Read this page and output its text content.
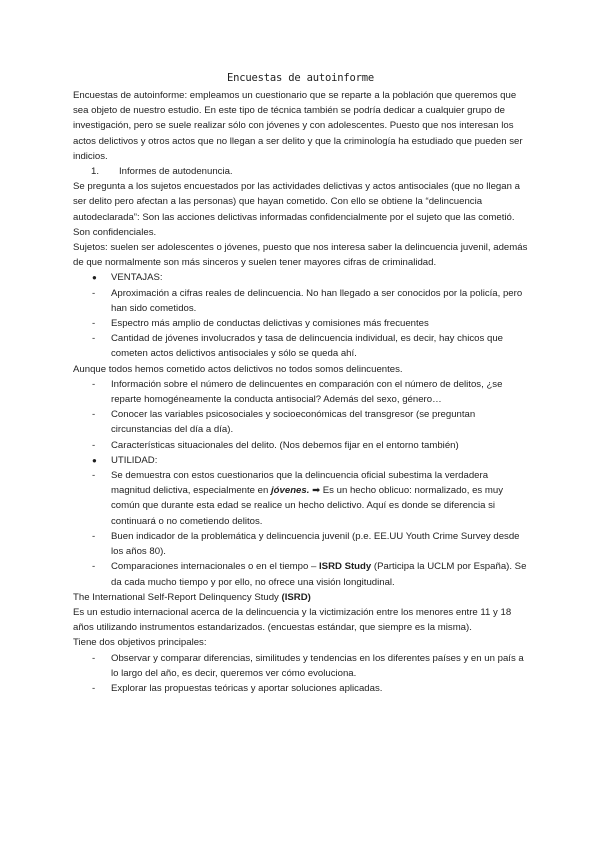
Encuestas de autoinforme

Encuestas de autoinforme: empleamos un cuestionario que se reparte a la población que queremos que sea objeto de nuestro estudio. En este tipo de técnica también se podría dedicar a cualquier grupo de investigación, pero se suele realizar sólo con jóvenes y con adolescentes. Puesto que nos interesan los actos delictivos y otros actos que no llegan a ser delito y que la criminología ha estudiado que pueden ser indicios.

1. Informes de autodenuncia.

Se pregunta a los sujetos encuestados por las actividades delictivas y actos antisociales (que no llegan a ser delito pero afectan a las personas) que hayan cometido. Con ello se obtiene la “delincuencia autodeclarada”: Son las acciones delictivas informadas confidencialmente por el sujeto que las cometió. Son confidenciales.

Sujetos: suelen ser adolescentes o jóvenes, puesto que nos interesa saber la delincuencia juvenil, además de que normalmente son más sinceros y suelen tener mayores cifras de criminalidad.

● VENTAJAS:
- Aproximación a cifras reales de delincuencia. No han llegado a ser conocidos por la policía, pero han sido cometidos.
- Espectro más amplio de conductas delictivas y comisiones más frecuentes
- Cantidad de jóvenes involucrados y tasa de delincuencia individual, es decir, hay chicos que cometen actos delictivos antisociales y sólo se queda ahí.

Aunque todos hemos cometido actos delictivos no todos somos delincuentes.

- Información sobre el número de delincuentes en comparación con el número de delitos, ¿se reparte homogéneamente la conducta antisocial? Además del sexo, género…
- Conocer las variables psicosociales y socioeconómicas del transgresor (se preguntan circunstancias del día a día).
- Características situacionales del delito. (Nos debemos fijar en el entorno también)
● UTILIDAD:
- Se demuestra con estos cuestionarios que la delincuencia oficial subestima la verdadera magnitud delictiva, especialmente en jóvenes. ➡ Es un hecho oblicuo: normalizado, es muy común que durante esta edad se realice un hecho delictivo. Aquí es donde se diferencia si continuará o no cometiendo delitos.
- Buen indicador de la problemática y delincuencia juvenil (p.e. EE.UU Youth Crime Survey desde los años 80).
- Comparaciones internacionales o en el tiempo – ISRD Study (Participa la UCLM por España). Se da cada mucho tiempo y por ello, no ofrece una visión longitudinal.

The International Self-Report Delinquency Study (ISRD)

Es un estudio internacional acerca de la delincuencia y la victimización entre los menores entre 11 y 18 años utilizando instrumentos estandarizados. (encuestas estándar, que siempre es la misma).

Tiene dos objetivos principales:

- Observar y comparar diferencias, similitudes y tendencias en los diferentes países y en un país a lo largo del año, es decir, queremos ver cómo evoluciona.
- Explorar las propuestas teóricas y aportar soluciones aplicadas.
